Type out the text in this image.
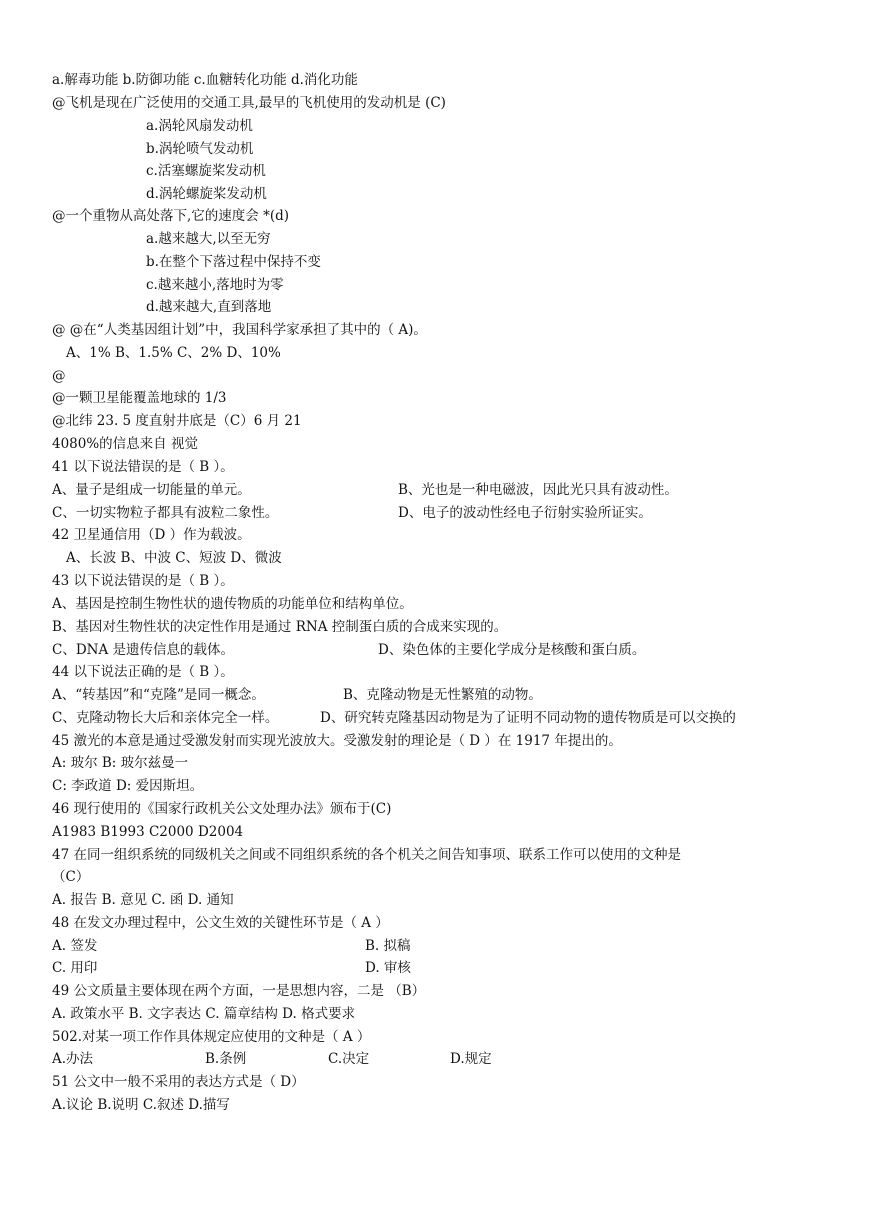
a.解毒功能 b.防御功能 c.血糖转化功能 d.消化功能
@飞机是现在广泛使用的交通工具,最早的飞机使用的发动机是 (C)
a.涡轮风扇发动机
b.涡轮喷气发动机
c.活塞螺旋桨发动机
d.涡轮螺旋桨发动机
@一个重物从高处落下,它的速度会 *(d)
a.越来越大,以至无穷
b.在整个下落过程中保持不变
c.越来越小,落地时为零
d.越来越大,直到落地
@ @在“人类基因组计划”中，我国科学家承担了其中的（ A)。
A、1% B、1.5% C、2% D、10%
@
@一颗卫星能覆盖地球的 1/3
@北纬 23. 5 度直射井底是（C）6 月 21
4080%的信息来自 视觉
41 以下说法错误的是（ B ）。
A、量子是组成一切能量的单元。	B、光也是一种电磁波，因此光只具有波动性。
C、一切实物粒子都具有波粒二象性。	D、电子的波动性经电子衍射实验所证实。
42 卫星通信用（D ）作为载波。
A、长波 B、中波 C、短波 D、微波
43 以下说法错误的是（ B ）。
A、基因是控制生物性状的遗传物质的功能单位和结构单位。
B、基因对生物性状的决定性作用是通过 RNA 控制蛋白质的合成来实现的。
C、DNA 是遗传信息的载体。	D、染色体的主要化学成分是核酸和蛋白质。
44 以下说法正确的是（ B ）。
A、“转基因”和“克隆”是同一概念。	B、克隆动物是无性繁殖的动物。
C、克隆动物长大后和亲体完全一样。	D、研究转克隆基因动物是为了证明不同动物的遗传物质是可以交换的
45 激光的本意是通过受激发射而实现光波放大。受激发射的理论是（ D ）在 1917 年提出的。
A: 玻尔 B: 玻尔兹曼一
C: 李政道 D: 爱因斯坦。
46 现行使用的《国家行政机关公文处理办法》颁布于(C)
A1983 B1993 C2000 D2004
47 在同一组织系统的同级机关之间或不同组织系统的各个机关之间告知事项、联系工作可以使用的文种是
（C）
A. 报告 B. 意见 C. 函 D. 通知
48 在发文办理过程中，公文生效的关键性环节是（ A ）
A. 签发	B. 拟稿
C. 用印	D. 审核
49 公文质量主要体现在两个方面，一是思想内容，二是 （B）
A. 政策水平 B. 文字表达 C. 篇章结构 D. 格式要求
502.对某一项工作作具体规定应使用的文种是（ A ）
A.办法	B.条例	C.决定	D.规定
51 公文中一般不采用的表达方式是（ D）
A.议论 B.说明 C.叙述 D.描写
